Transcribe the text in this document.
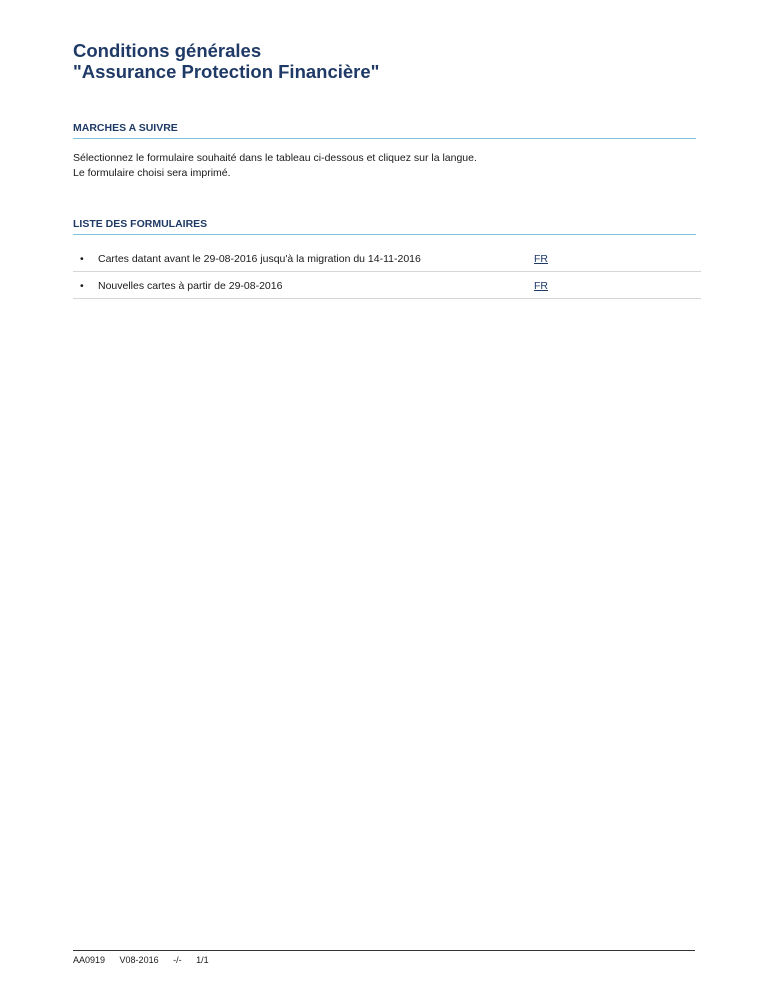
Conditions générales
"Assurance Protection Financière"
MARCHES A SUIVRE
Sélectionnez le formulaire souhaité dans le tableau ci-dessous et cliquez sur la langue.
Le formulaire choisi sera imprimé.
LISTE DES FORMULAIRES
• Cartes datant avant le 29-08-2016 jusqu'à la migration du 14-11-2016	FR
• Nouvelles cartes à partir de 29-08-2016	FR
AA0919 V08-2016 -/- 1/1
